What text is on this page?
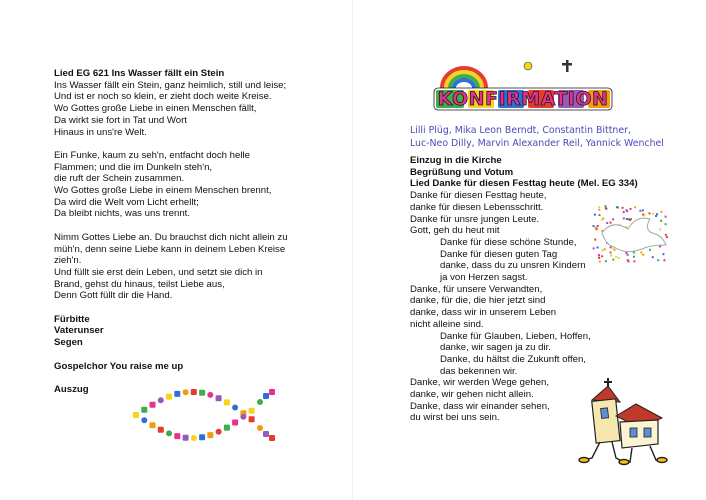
Lied EG 621 Ins Wasser fällt ein Stein
Ins Wasser fällt ein Stein, ganz heimlich, still und leise;
Und ist er noch so klein, er zieht doch weite Kreise.
Wo Gottes große Liebe in einen Menschen fällt,
Da wirkt sie fort in Tat und Wort
Hinaus in uns're Welt.

Ein Funke, kaum zu seh'n, entfacht doch helle
Flammen; und die im Dunkeln steh'n,
die ruft der Schein zusammen.
Wo Gottes große Liebe in einem Menschen brennt,
Da wird die Welt vom Licht erhellt;
Da bleibt nichts, was uns trennt.

Nimm Gottes Liebe an. Du brauchst dich nicht allein zu
müh'n, denn seine Liebe kann in deinem Leben Kreise
zieh'n.
Und füllt sie erst dein Leben, und setzt sie dich in
Brand, gehst du hinaus, teilst Liebe aus,
Denn Gott füllt dir die Hand.

Fürbitte
Vaterunser
Segen

Gospelchor You raise me up

Auszug
KONFIRMATION
Lilli Plüg, Mika Leon Berndt, Constantin Bittner,
Luc-Neo Dilly, Marvin Alexander Reil, Yannick Wenchel
Einzug in die Kirche
Begrüßung und Votum
Lied Danke für diesen Festtag heute (Mel. EG 334)
Danke für diesen Festtag heute,
danke für diesen Lebensschritt.
Danke für unsre jungen Leute.
Gott, geh du heut mit
Danke für diese schöne Stunde,
Danke für diesen guten Tag
danke, dass du zu unsren Kindern
ja von Herzen sagst.
Danke, für unsere Verwandten,
danke, für die, die hier jetzt sind
danke, dass wir in unserem Leben
nicht alleine sind.
Danke für Glauben, Lieben, Hoffen,
danke, wir sagen ja zu dir.
Danke, du hältst die Zukunft offen,
das bekennen wir.
Danke, wir werden Wege gehen,
danke, wir gehen nicht allein.
Danke, dass wir einander sehen,
du wirst bei uns sein.
